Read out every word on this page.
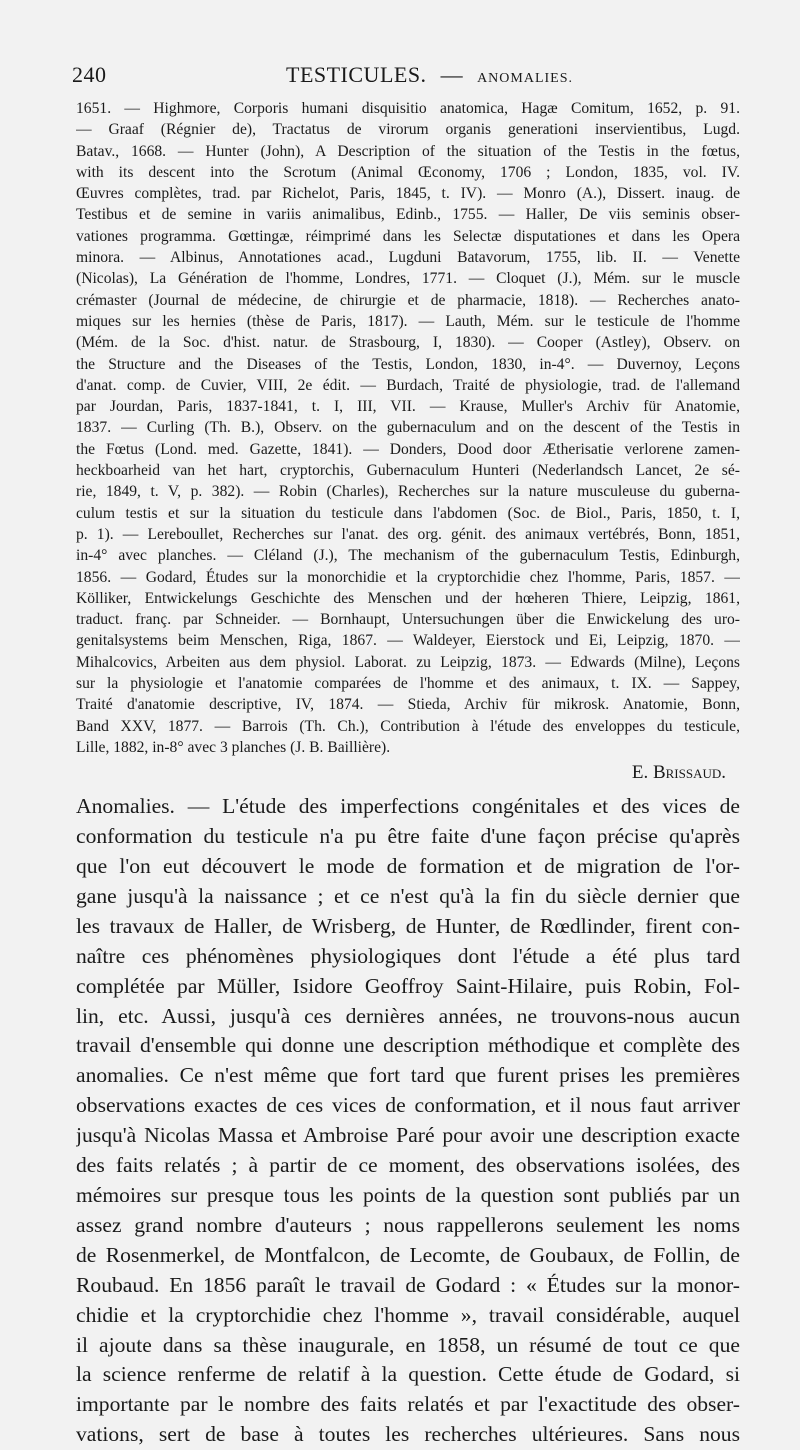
240	TESTICULES. — ANOMALIES.
1651. — Highmore, Corporis humani disquisitio anatomica, Hagæ Comitum, 1652, p. 91.
— Graaf (Régnier de), Tractatus de virorum organis generationi inservientibus, Lugd.
Batav., 1668. — Hunter (John), A Description of the situation of the Testis in the fœtus,
with its descent into the Scrotum (Animal Œconomy, 1706 ; London, 1835, vol. IV.
Œuvres complètes, trad. par Richelot, Paris, 1845, t. IV). — Monro (A.), Dissert. inaug. de
Testibus et de semine in variis animalibus, Edinb., 1755. — Haller, De viis seminis obser-
vationes programma. Gœttingæ, réimprimé dans les Selectæ disputationes et dans les Opera
minora. — Albinus, Annotationes acad., Lugduni Batavorum, 1755, lib. II. — Venette
(Nicolas), La Génération de l'homme, Londres, 1771. — Cloquet (J.), Mém. sur le muscle
crémaster (Journal de médecine, de chirurgie et de pharmacie, 1818). — Recherches anato-
miques sur les hernies (thèse de Paris, 1817). — Lauth, Mém. sur le testicule de l'homme
(Mém. de la Soc. d'hist. natur. de Strasbourg, I, 1830). — Cooper (Astley), Observ. on
the Structure and the Diseases of the Testis, London, 1830, in-4°. — Duvernoy, Leçons
d'anat. comp. de Cuvier, VIII, 2e édit. — Burdach, Traité de physiologie, trad. de l'allemand
par Jourdan, Paris, 1837-1841, t. I, III, VII. — Krause, Muller's Archiv für Anatomie,
1837. — Curling (Th. B.), Observ. on the gubernaculum and on the descent of the Testis in
the Fœtus (Lond. med. Gazette, 1841). — Donders, Dood door Ætherisatie verlorene zamen-
heckboarheid van het hart, cryptorchis, Gubernaculum Hunteri (Nederlandsch Lancet, 2e sé-
rie, 1849, t. V, p. 382). — Robin (Charles), Recherches sur la nature musculeuse du guberna-
culum testis et sur la situation du testicule dans l'abdomen (Soc. de Biol., Paris, 1850, t. I,
p. 1). — Lereboullet, Recherches sur l'anat. des org. génit. des animaux vertébrés, Bonn, 1851,
in-4° avec planches. — Cléland (J.), The mechanism of the gubernaculum Testis, Edinburgh,
1856. — Godard, Études sur la monorchidie et la cryptorchidie chez l'homme, Paris, 1857. —
Kölliker, Entwickelungs Geschichte des Menschen und der hœheren Thiere, Leipzig, 1861,
traduct. franç. par Schneider. — Bornhaupt, Untersuchungen über die Enwickelung des uro-
genitalsystems beim Menschen, Riga, 1867. — Waldeyer, Eierstock und Ei, Leipzig, 1870. —
Mihalcovics, Arbeiten aus dem physiol. Laborat. zu Leipzig, 1873. — Edwards (Milne), Leçons
sur la physiologie et l'anatomie comparées de l'homme et des animaux, t. IX. — Sappey,
Traité d'anatomie descriptive, IV, 1874. — Stieda, Archiv für mikrosk. Anatomie, Bonn,
Band XXV, 1877. — Barrois (Th. Ch.), Contribution à l'étude des enveloppes du testicule,
Lille, 1882, in-8° avec 3 planches (J. B. Baillière).
E. Brissaud.
Anomalies. — L'étude des imperfections congénitales et des vices de
conformation du testicule n'a pu être faite d'une façon précise qu'après
que l'on eut découvert le mode de formation et de migration de l'or-
gane jusqu'à la naissance ; et ce n'est qu'à la fin du siècle dernier que
les travaux de Haller, de Wrisberg, de Hunter, de Rœdlinder, firent con-
naître ces phénomènes physiologiques dont l'étude a été plus tard
complétée par Müller, Isidore Geoffroy Saint-Hilaire, puis Robin, Fol-
lin, etc. Aussi, jusqu'à ces dernières années, ne trouvons-nous aucun
travail d'ensemble qui donne une description méthodique et complète des
anomalies. Ce n'est même que fort tard que furent prises les premières
observations exactes de ces vices de conformation, et il nous faut arriver
jusqu'à Nicolas Massa et Ambroise Paré pour avoir une description exacte
des faits relatés ; à partir de ce moment, des observations isolées, des
mémoires sur presque tous les points de la question sont publiés par un
assez grand nombre d'auteurs ; nous rappellerons seulement les noms
de Rosenmerkel, de Montfalcon, de Lecomte, de Goubaux, de Follin, de
Roubaud. En 1856 paraît le travail de Godard : « Études sur la monor-
chidie et la cryptorchidie chez l'homme », travail considérable, auquel
il ajoute dans sa thèse inaugurale, en 1858, un résumé de tout ce que
la science renferme de relatif à la question. Cette étude de Godard, si
importante par le nombre des faits relatés et par l'exactitude des obser-
vations, sert de base à toutes les recherches ultérieures. Sans nous
